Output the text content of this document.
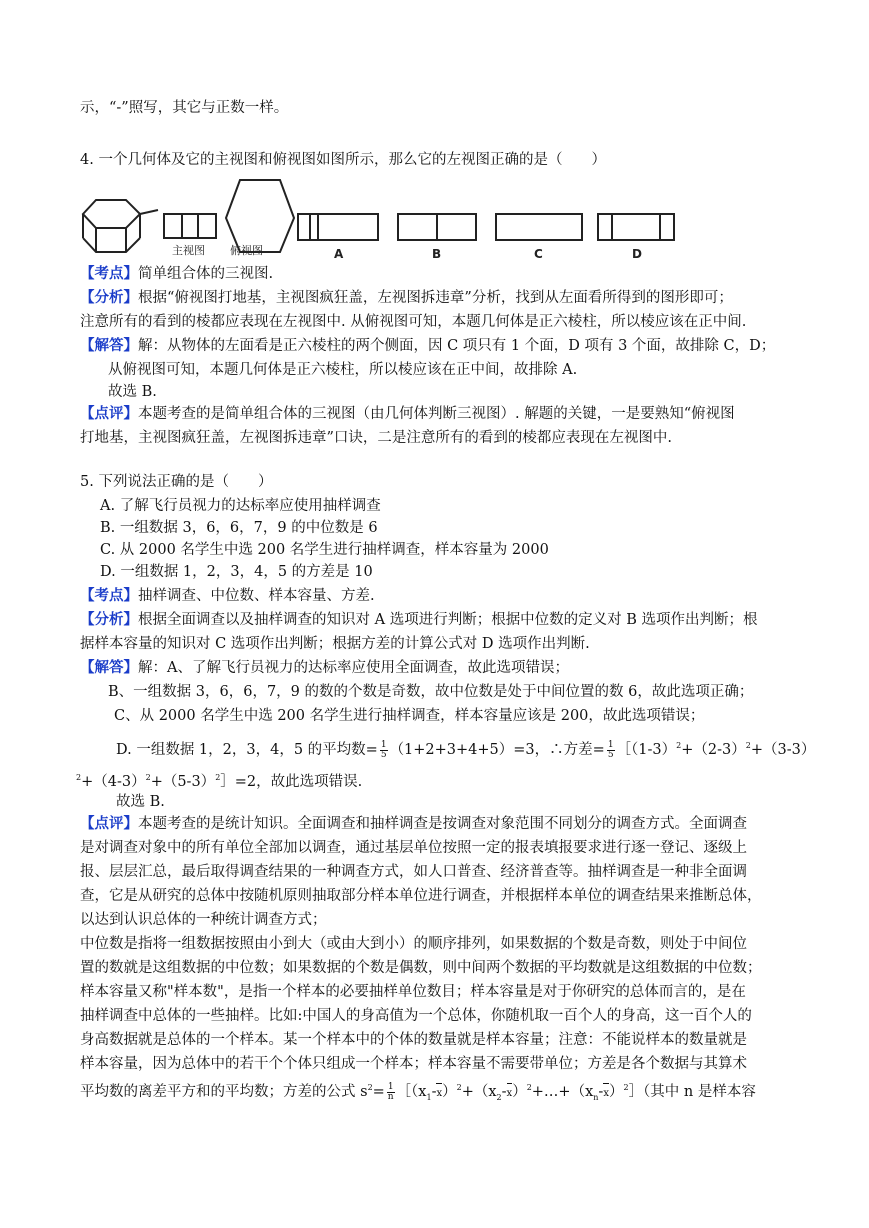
示，“-”照写，其它与正数一样。
4. 一个几何体及它的主视图和俯视图如图所示，那么它的左视图正确的是（　　）
主视图 俯视图	A	B	C	D
【考点】简单组合体的三视图.
【分析】根据“俯视图打地基，主视图疯狂盖，左视图拆违章”分析，找到从左面看所得到的图形即可；
注意所有的看到的棱都应表现在左视图中. 从俯视图可知，本题几何体是正六棱柱，所以棱应该在正中间.
【解答】解：从物体的左面看是正六棱柱的两个侧面，因 C 项只有 1 个面，D 项有 3 个面，故排除 C，D；
从俯视图可知，本题几何体是正六棱柱，所以棱应该在正中间，故排除 A.
故选 B.
【点评】本题考查的是简单组合体的三视图（由几何体判断三视图）. 解题的关键，一是要熟知“俯视图
打地基，主视图疯狂盖，左视图拆违章”口诀，二是注意所有的看到的棱都应表现在左视图中.
5. 下列说法正确的是（　　）
A. 了解飞行员视力的达标率应使用抽样调查
B. 一组数据 3，6，6，7，9 的中位数是 6
C. 从 2000 名学生中选 200 名学生进行抽样调查，样本容量为 2000
D. 一组数据 1，2，3，4，5 的方差是 10
【考点】抽样调查、中位数、样本容量、方差.
【分析】根据全面调查以及抽样调查的知识对 A 选项进行判断；根据中位数的定义对 B 选项作出判断；根
据样本容量的知识对 C 选项作出判断；根据方差的计算公式对 D 选项作出判断.
【解答】解：A、了解飞行员视力的达标率应使用全面调查，故此选项错误；
B、一组数据 3，6，6，7，9 的数的个数是奇数，故中位数是处于中间位置的数 6，故此选项正确；
C、从 2000 名学生中选 200 名学生进行抽样调查，样本容量应该是 200，故此选项错误；
D. 一组数据 1，2，3，4，5 的平均数= $\frac{1}{5} (1+2+3+4+5)=3$，∴方差= $\frac{1}{5}$ $[(1-3)^2+(2-3)^2+(3-3)$
$^2+(4-3)^2+(5-3)^2]=2$，故此选项错误.
故选 B.
【点评】本题考查的是统计知识。全面调查和抽样调查是按调查对象范围不同划分的调查方式。全面调查
是对调查对象中的所有单位全部加以调查，通过基层单位按照一定的报表填报要求进行逐一登记、逐级上
报、层层汇总，最后取得调查结果的一种调查方式，如人口普查、经济普查等。抽样调查是一种非全面调
查，它是从研究的总体中按随机原则抽取部分样本单位进行调查，并根据样本单位的调查结果来推断总体，
以达到认识总体的一种统计调查方式；
中位数是指将一组数据按照由小到大（或由大到小）的顺序排列，如果数据的个数是奇数，则处于中间位
置的数就是这组数据的中位数；如果数据的个数是偶数，则中间两个数据的平均数就是这组数据的中位数；
样本容量又称"样本数"，是指一个样本的必要抽样单位数目；样本容量是对于你研究的总体而言的，是在
抽样调查中总体的一些抽样。比如:中国人的身高值为一个总体，你随机取一百个人的身高，这一百个人的
身高数据就是总体的一个样本。某一个样本中的个体的数量就是样本容量；注意：不能说样本的数量就是
样本容量，因为总体中的若干个个体只组成一个样本；样本容量不需要带单位；方差是各个数据与其算术
平均数的离差平方和的平均数；方差的公式 $s^2= \frac{1}{n}$ $[(x_1-x)^2+(x_2-x)^2+\dots+(x_n-x)^2]$（其中 n 是样本容
